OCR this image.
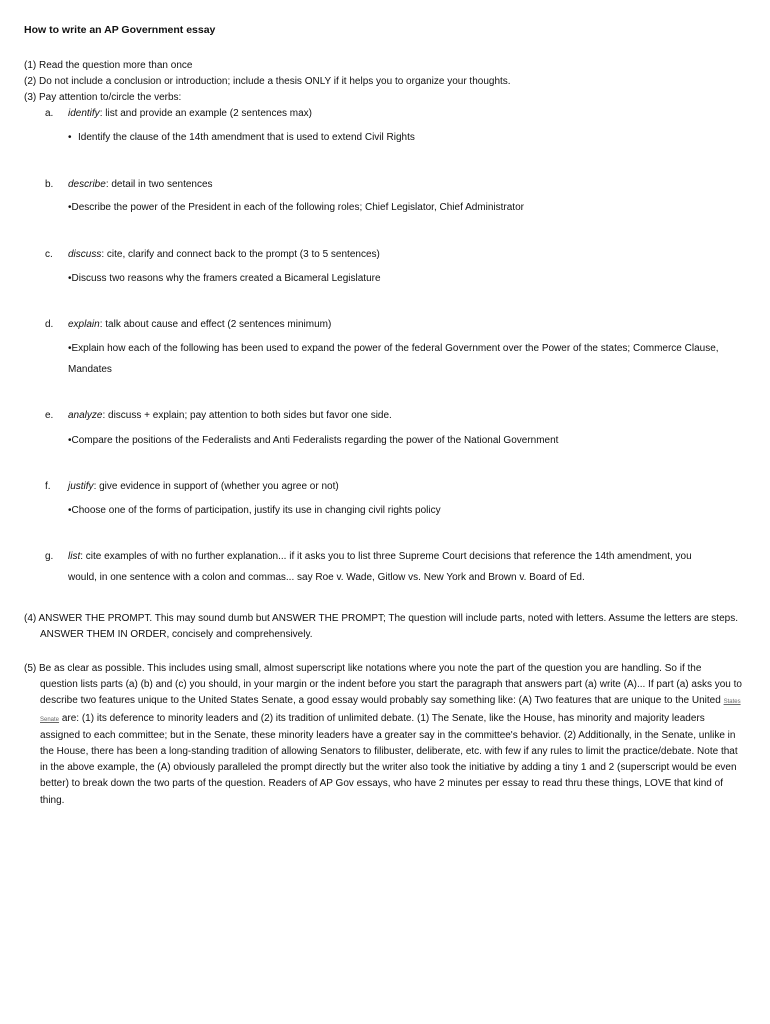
How to write an AP Government essay
(1) Read the question more than once
(2) Do not include a conclusion or introduction; include a thesis ONLY if it helps you to organize your thoughts.
(3) Pay attention to/circle the verbs:
a. identify: list and provide an example (2 sentences max)
• Identify the clause of the 14th amendment that is used to extend Civil Rights
b. describe: detail in two sentences
•Describe the power of the President in each of the following roles; Chief Legislator, Chief Administrator
c. discuss: cite, clarify and connect back to the prompt (3 to 5 sentences)
•Discuss two reasons why the framers created a Bicameral Legislature
d. explain: talk about cause and effect (2 sentences minimum)
•Explain how each of the following has been used to expand the power of the federal Government over the Power of the states; Commerce Clause,
Mandates
e. analyze: discuss + explain; pay attention to both sides but favor one side.
•Compare the positions of the Federalists and Anti Federalists regarding the power of the National Government
f. justify: give evidence in support of (whether you agree or not)
•Choose one of the forms of participation, justify its use in changing civil rights policy
g. list: cite examples of with no further explanation... if it asks you to list three Supreme Court decisions that reference the 14th amendment, you
would, in one sentence with a colon and commas... say Roe v. Wade, Gitlow vs. New York and Brown v. Board of Ed.
(4) ANSWER THE PROMPT. This may sound dumb but ANSWER THE PROMPT; The question will include parts, noted with letters. Assume the letters are steps.
ANSWER THEM IN ORDER, concisely and comprehensively.
(5) Be as clear as possible. This includes using small, almost superscript like notations where you note the part of the question you are handling. So if the
question lists parts (a) (b) and (c) you should, in your margin or the indent before you start the paragraph that answers part (a) write (A)... If part (a) asks you to describe two features unique to the United States Senate, a good essay would probably say something like: (A) Two features that are unique to the United States Senate are: (1) its deference to minority leaders and (2) its tradition of unlimited debate. (1) The Senate, like the House, has minority and majority leaders assigned to each committee; but in the Senate, these minority leaders have a greater say in the committee's behavior. (2) Additionally, in the Senate, unlike in the House, there has been a long-standing tradition of allowing Senators to filibuster, deliberate, etc. with few if any rules to limit the practice/debate. Note that in the above example, the (A) obviously paralleled the prompt directly but the writer also took the initiative by adding a tiny 1 and 2 (superscript would be even better) to break down the two parts of the question. Readers of AP Gov essays, who have 2 minutes per essay to read thru these things, LOVE that kind of thing.
